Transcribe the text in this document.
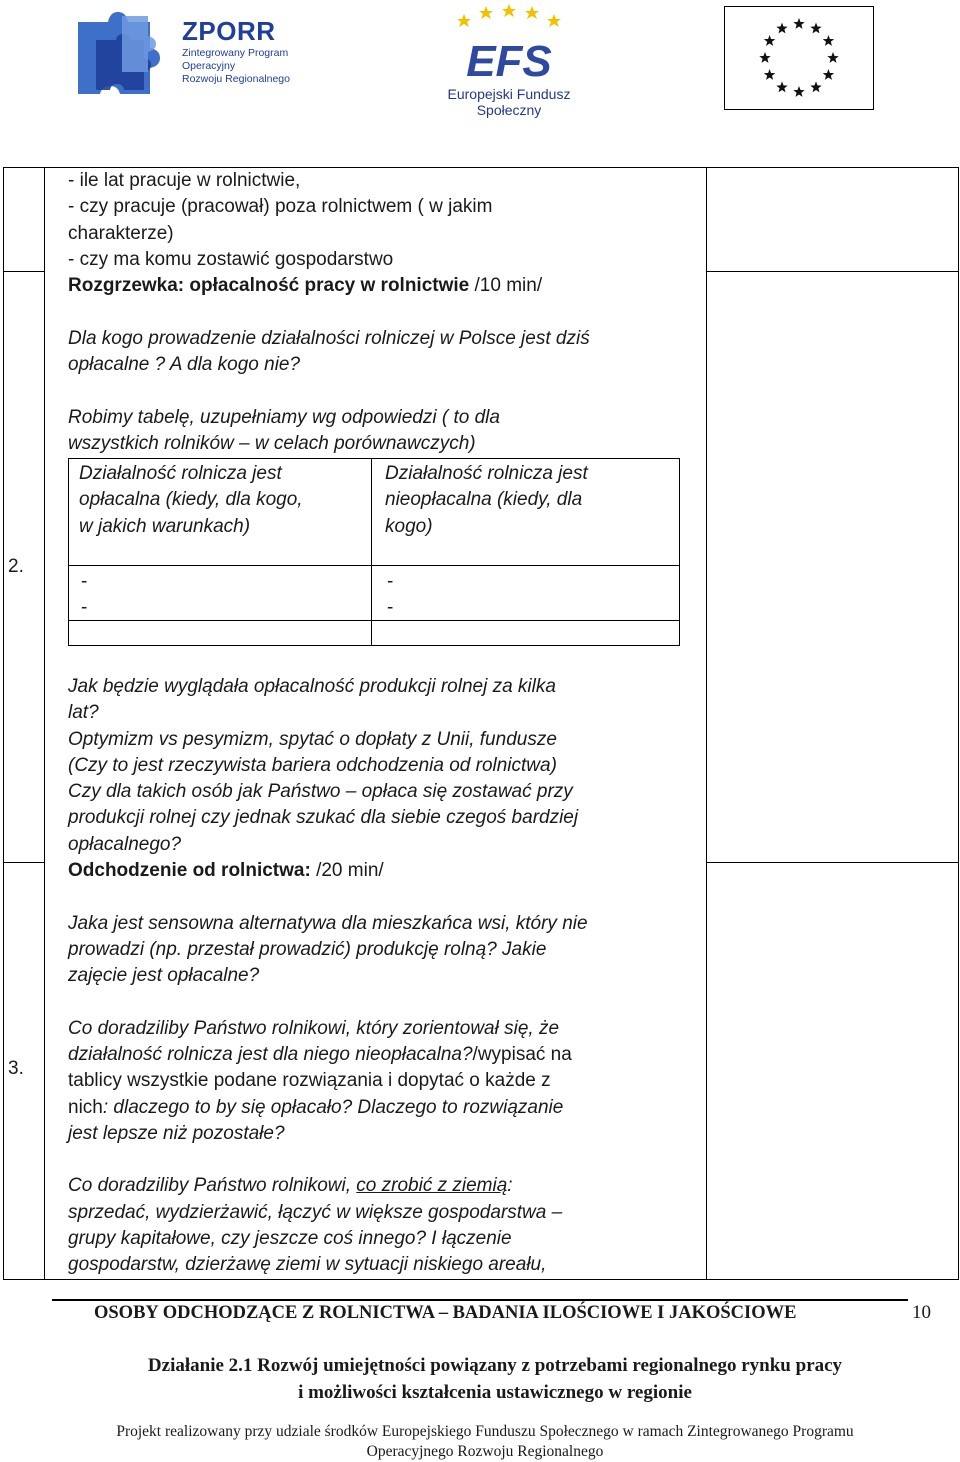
ZPORR
Zintegrowany Program
Operacyjny
Rozwoju Regionalnego	EFS
Europejski Fundusz Społeczny
2.
3.

- ile lat pracuje w rolnictwie,

- czy pracuje (pracował) poza rolnictwem ( w jakim

charakterze)

- czy ma komu zostawić gospodarstwo

Rozgrzewka: opłacalność pracy w rolnictwie /10 min/

Dla kogo prowadzenie działalności rolniczej w Polsce jest dziś

opłacalne ? A dla kogo nie?

Robimy tabelę, uzupełniamy wg odpowiedzi ( to dla

wszystkich rolników – w celach porównawczych)

Działalność rolnicza jest
opłacalna (kiedy, dla kogo,
w jakich warunkach)
Działalność rolnicza jest
nieopłacalna (kiedy, dla
kogo)
-
-
-
-

Jak będzie wyglądała opłacalność produkcji rolnej za kilka

lat?

Optymizm vs pesymizm, spytać o dopłaty z Unii, fundusze

(Czy to jest rzeczywista bariera odchodzenia od rolnictwa)

Czy dla takich osób jak Państwo – opłaca się zostawać przy

produkcji rolnej czy jednak szukać dla siebie czegoś bardziej

opłacalnego?

Odchodzenie od rolnictwa: /20 min/

Jaka jest sensowna alternatywa dla mieszkańca wsi, który nie

prowadzi (np. przestał prowadzić) produkcję rolną? Jakie

zajęcie jest opłacalne?

Co doradziliby Państwo rolnikowi, który zorientował się, że

działalność rolnicza jest dla niego nieopłacalna?/wypisać na

tablicy wszystkie podane rozwiązania i dopytać o każde z

nich: dlaczego to by się opłacało? Dlaczego to rozwiązanie

jest lepsze niż pozostałe?

Co doradziliby Państwo rolnikowi, co zrobić z ziemią:

sprzedać, wydzierżawić, łączyć w większe gospodarstwa –

grupy kapitałowe, czy jeszcze coś innego? I łączenie

gospodarstw, dzierżawę ziemi w sytuacji niskiego areału,

OSOBY ODCHODZĄCE Z ROLNICTWA – BADANIA ILOŚCIOWE I JAKOŚCIOWE	10
Działanie 2.1 Rozwój umiejętności powiązany z potrzebami regionalnego rynku pracy
i możliwości kształcenia ustawicznego w regionie
Projekt realizowany przy udziale środków Europejskiego Funduszu Społecznego w ramach Zintegrowanego Programu
Operacyjnego Rozwoju Regionalnego
